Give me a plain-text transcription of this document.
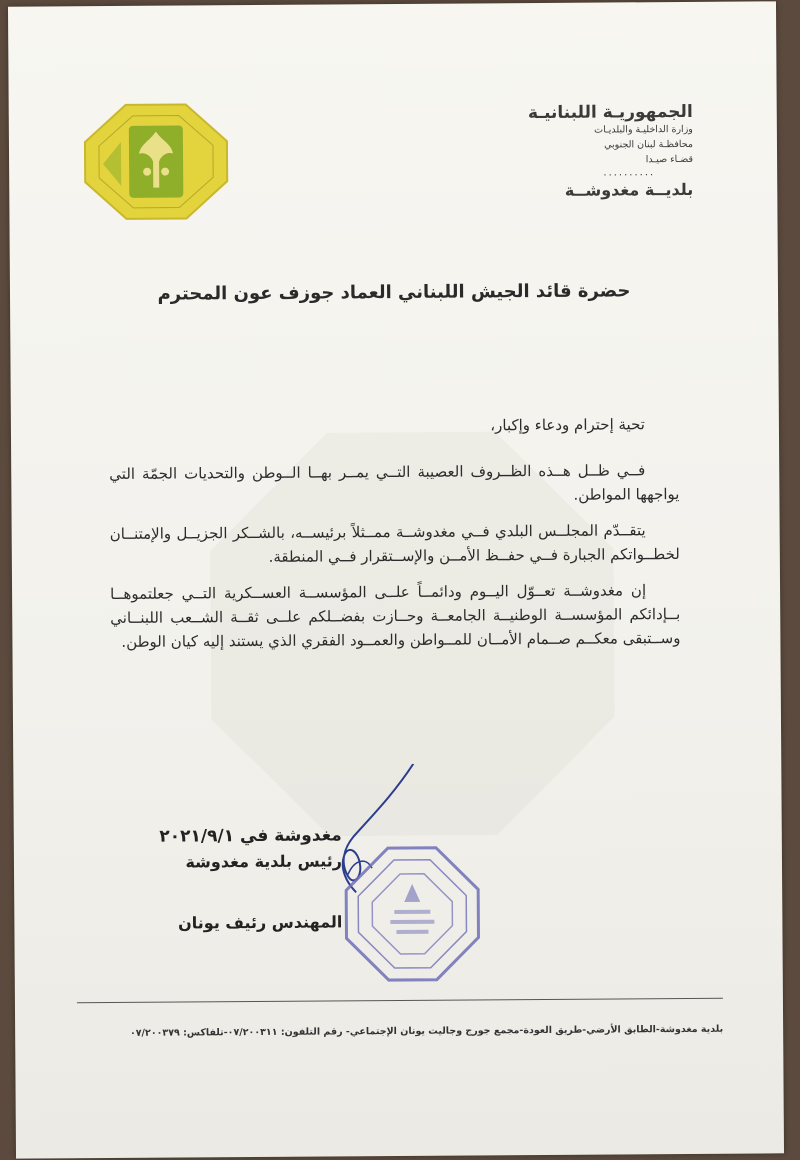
الجمهوريـة اللبنانيـة
وزارة الداخليـة والبلديـات
محافظـة لبنان الجنوبي
قضـاء صيـدا
..........
بلديــة مغدوشــة
حضرة قائد الجيش اللبناني العماد جوزف عون المحترم

تحية إحترام ودعاء وإكبار،

فــي ظــل هــذه الظــروف العصيبة التــي يمــر بهــا الــوطن والتحديات الجمّة التي يواجهها المواطن.

يتقــدّم المجلــس البلدي فــي مغدوشــة ممــثلاً برئيســه، بالشــكر الجزيــل والإمتنــان لخطــواتكم الجبارة فــي حفــظ الأمــن والإســتقرار فــي المنطقة.

إن مغدوشــة تعــوّل اليــوم ودائمــاً علــى المؤسســة العســكرية التــي جعلتموهــا بــإدائكم المؤسســة الوطنيــة الجامعــة وحــازت بفضــلكم علــى ثقــة الشــعب اللبنــاني وســتبقى معكــم صــمام الأمــان للمــواطن والعمــود الفقري الذي يستند إليه كيان الوطن.

مغدوشة في ٢٠٢١/٩/١
رئيس بلدية مغدوشة
المهندس رئيف يونان
بلدية مغدوشة-الطابق الأرضي-طريق العودة-مجمع جورج وجاليت يونان الإجتماعي- رقم التلفون: ٠٧/٢٠٠٣١١-تلفاكس: ٠٧/٢٠٠٣٧٩
